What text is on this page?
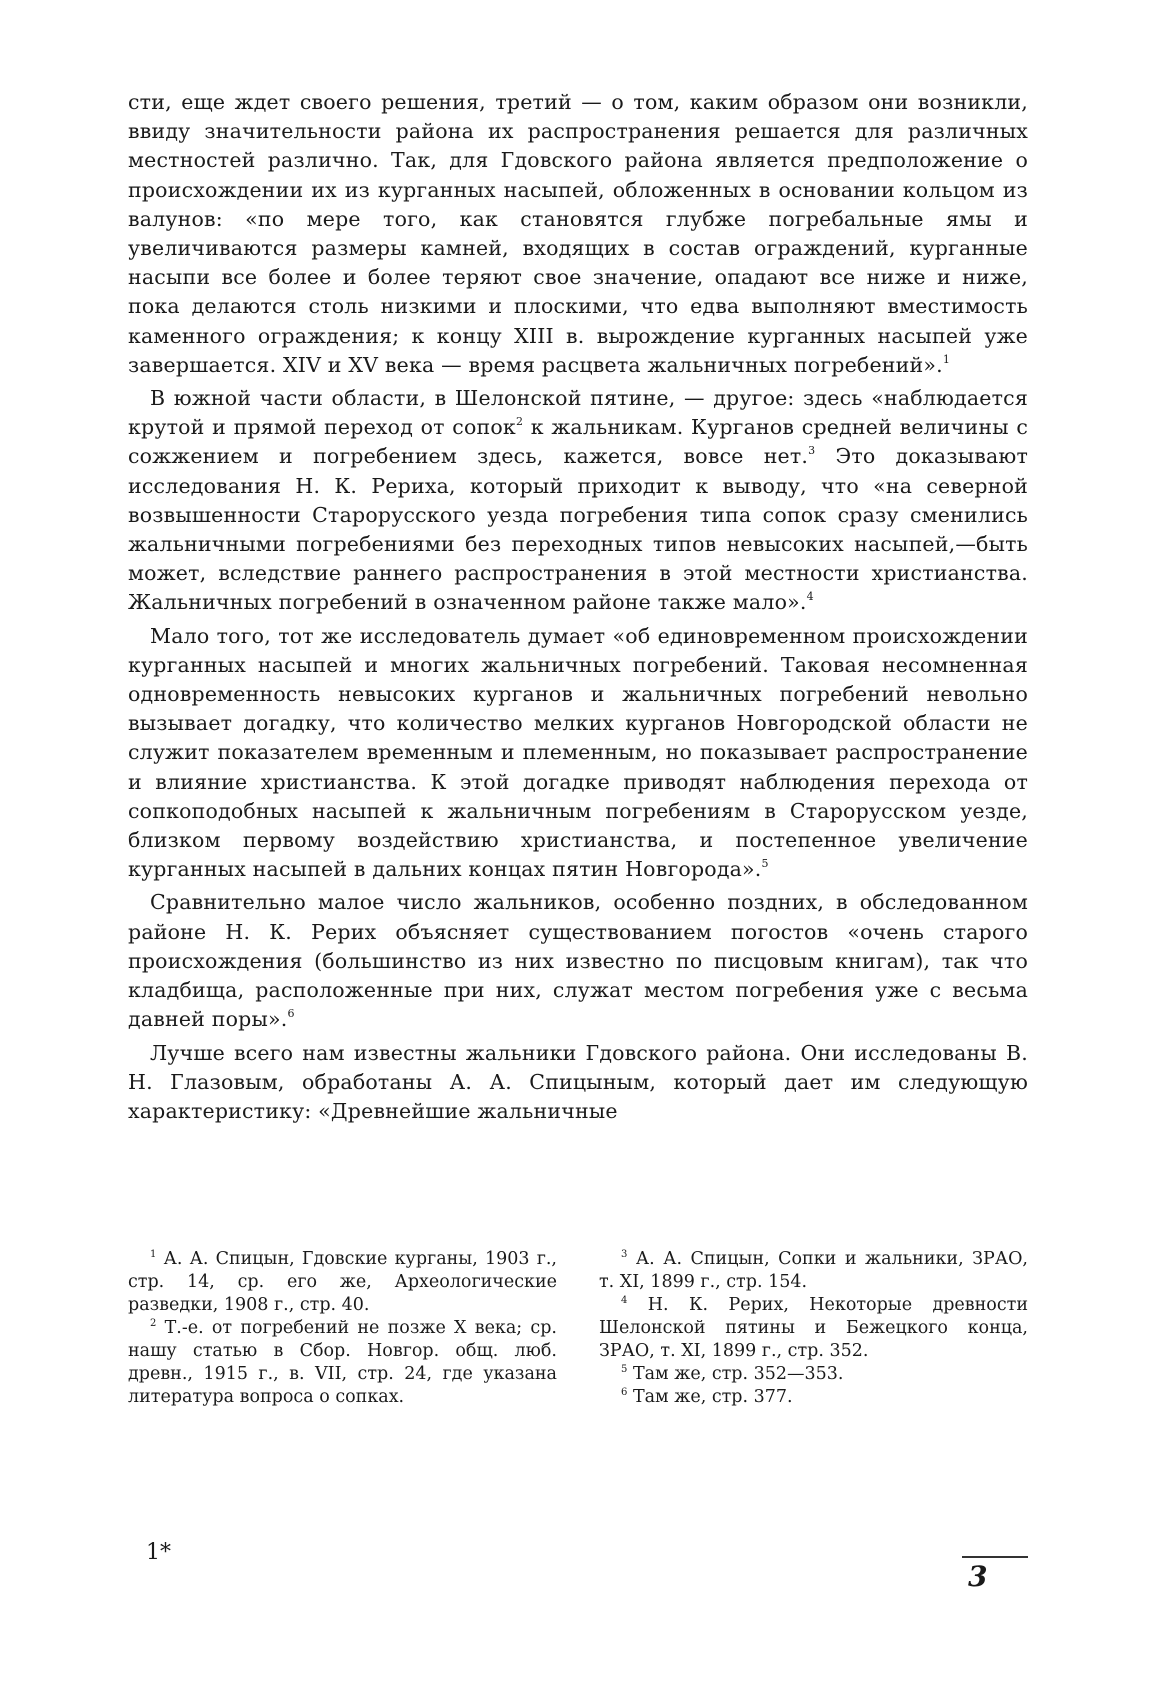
сти, еще ждет своего решения, третий — о том, каким образом они возникли, ввиду значительности района их распространения решается для различных местностей различно. Так, для Гдовского района является предположение о происхождении их из курганных насыпей, обложенных в основании кольцом из валунов: «по мере того, как становятся глубже погребальные ямы и увеличиваются размеры камней, входящих в состав ограждений, курганные насыпи все более и более теряют свое значение, опадают все ниже и ниже, пока делаются столь низкими и плоскими, что едва выполняют вместимость каменного ограждения; к концу XIII в. вырождение курганных насыпей уже завершается. XIV и XV века — время расцвета жальничных погребений».$^1$

В южной части области, в Шелонской пятине, — другое: здесь «наблюдается крутой и прямой переход от сопок$^2$ к жальникам. Курганов средней величины с сожжением и погребением здесь, кажется, вовсе нет.$^3$ Это доказывают исследования Н. К. Рериха, который приходит к выводу, что «на северной возвышенности Старорусского уезда погребения типа сопок сразу сменились жальничными погребениями без переходных типов невысоких насыпей,—быть может, вследствие раннего распространения в этой местности христианства. Жальничных погребений в означенном районе также мало».$^4$

Мало того, тот же исследователь думает «об единовременном происхождении курганных насыпей и многих жальничных погребений. Таковая несомненная одновременность невысоких курганов и жальничных погребений невольно вызывает догадку, что количество мелких курганов Новгородской области не служит показателем временным и племенным, но показывает распространение и влияние христианства. К этой догадке приводят наблюдения перехода от сопкоподобных насыпей к жальничным погребениям в Старорусском уезде, близком первому воздействию христианства, и постепенное увеличение курганных насыпей в дальних концах пятин Новгорода».$^5$

Сравнительно малое число жальников, особенно поздних, в обследованном районе Н. К. Рерих объясняет существованием погостов «очень старого происхождения (большинство из них известно по писцовым книгам), так что кладбища, расположенные при них, служат местом погребения уже с весьма давней поры».$^6$

Лучше всего нам известны жальники Гдовского района. Они исследованы В. Н. Глазовым, обработаны А. А. Спицыным, который дает им следующую характеристику: «Древнейшие жальничные

$^1$ А. А. Спицын, Гдовские курганы, 1903 г., стр. 14, ср. его же, Археологические разведки, 1908 г., стр. 40.
$^2$ Т.-е. от погребений не позже X века; ср. нашу статью в Сбор. Новгор. общ. люб. древн., 1915 г., в. VII, стр. 24, где указана литература вопроса о сопках.
$^3$ А. А. Спицын, Сопки и жальники, ЗРАО, т. XI, 1899 г., стр. 154.
$^4$ Н. К. Рерих, Некоторые древности Шелонской пятины и Бежецкого конца, ЗРАО, т. XI, 1899 г., стр. 352.
$^5$ Там же, стр. 352—353.
$^6$ Там же, стр. 377.
1*
3
